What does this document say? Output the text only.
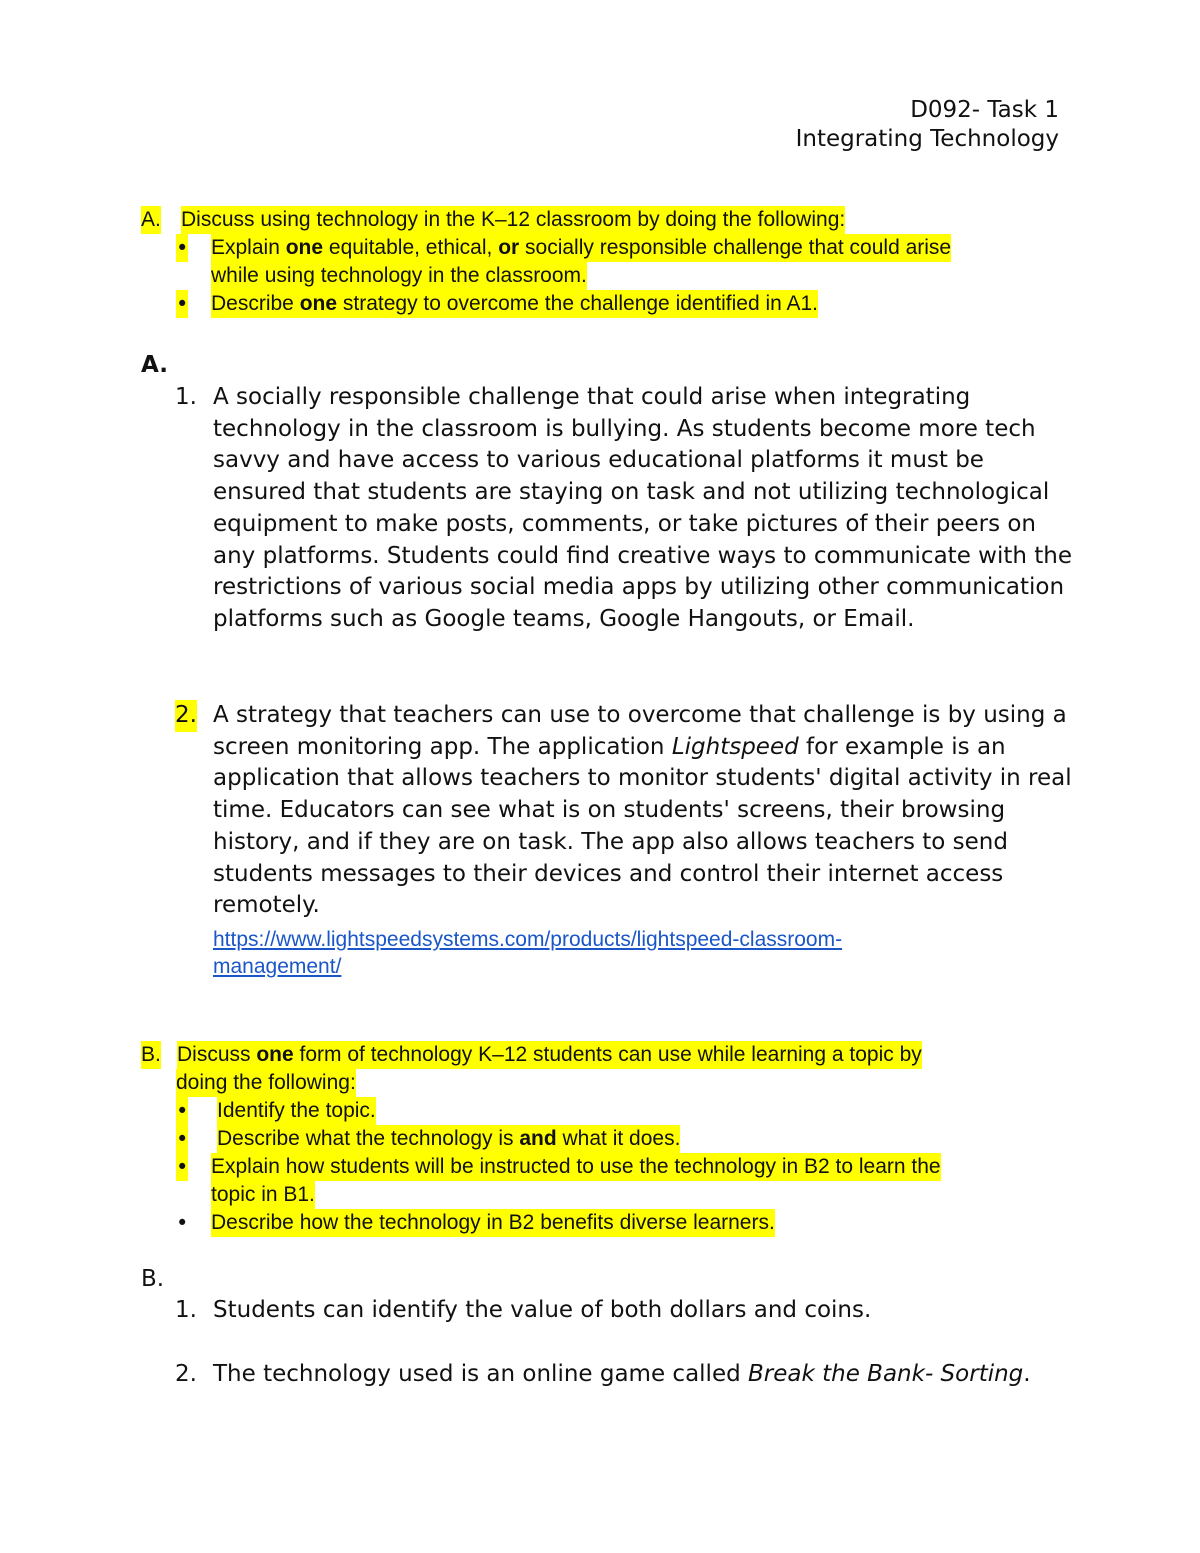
D092- Task 1
Integrating Technology
A. Discuss using technology in the K–12 classroom by doing the following:
• Explain one equitable, ethical, or socially responsible challenge that could arise
while using technology in the classroom.
• Describe one strategy to overcome the challenge identified in A1.
A.
1. A socially responsible challenge that could arise when integrating technology in the classroom is bullying. As students become more tech savvy and have access to various educational platforms it must be ensured that students are staying on task and not utilizing technological equipment to make posts, comments, or take pictures of their peers on any platforms. Students could find creative ways to communicate with the restrictions of various social media apps by utilizing other communication platforms such as Google teams, Google Hangouts, or Email.
2. A strategy that teachers can use to overcome that challenge is by using a screen monitoring app. The application Lightspeed for example is an application that allows teachers to monitor students' digital activity in real time. Educators can see what is on students' screens, their browsing history, and if they are on task. The app also allows teachers to send students messages to their devices and control their internet access remotely.
https://www.lightspeedsystems.com/products/lightspeed-classroom-
management/
B. Discuss one form of technology K–12 students can use while learning a topic by
doing the following:
• Identify the topic.
• Describe what the technology is and what it does.
• Explain how students will be instructed to use the technology in B2 to learn the
topic in B1.
• Describe how the technology in B2 benefits diverse learners.
B.
1. Students can identify the value of both dollars and coins.
2. The technology used is an online game called Break the Bank- Sorting.
